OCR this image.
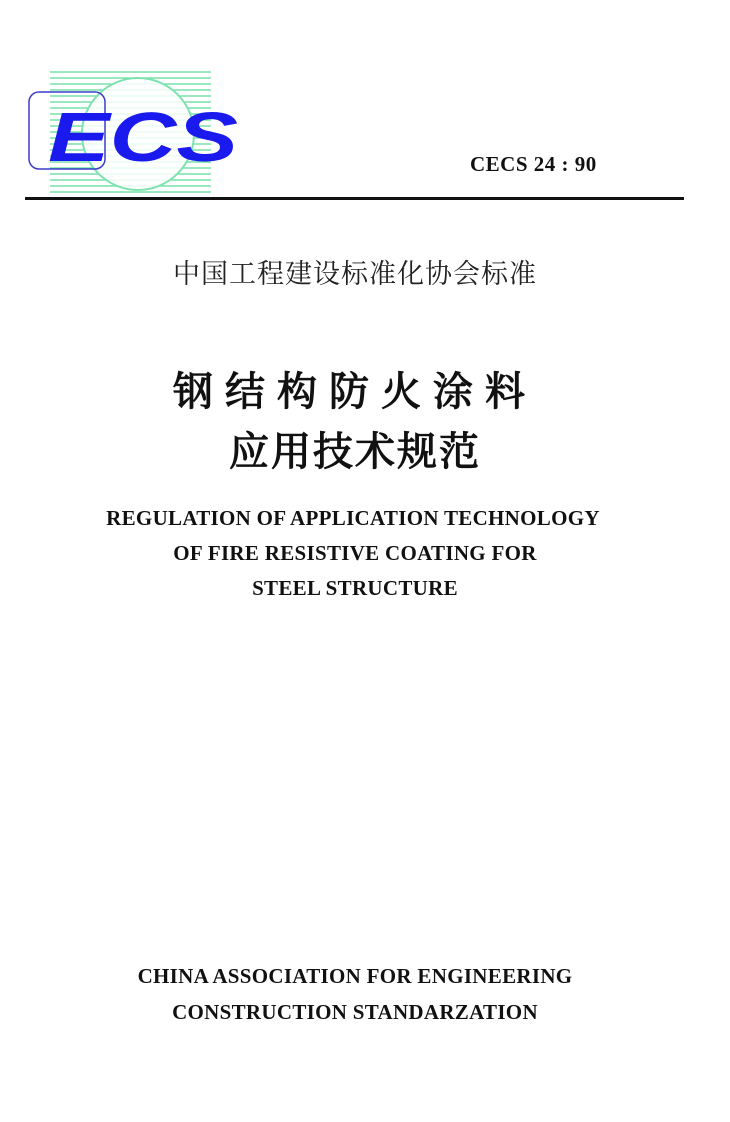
ECS	CECS 24 : 90
中国工程建设标准化协会标准
钢结构防火涂料
应用技术规范
REGULATION OF APPLICATION TECHNOLOGY
OF FIRE RESISTIVE COATING FOR
STEEL STRUCTURE
CHINA ASSOCIATION FOR ENGINEERING
CONSTRUCTION STANDARZATION
